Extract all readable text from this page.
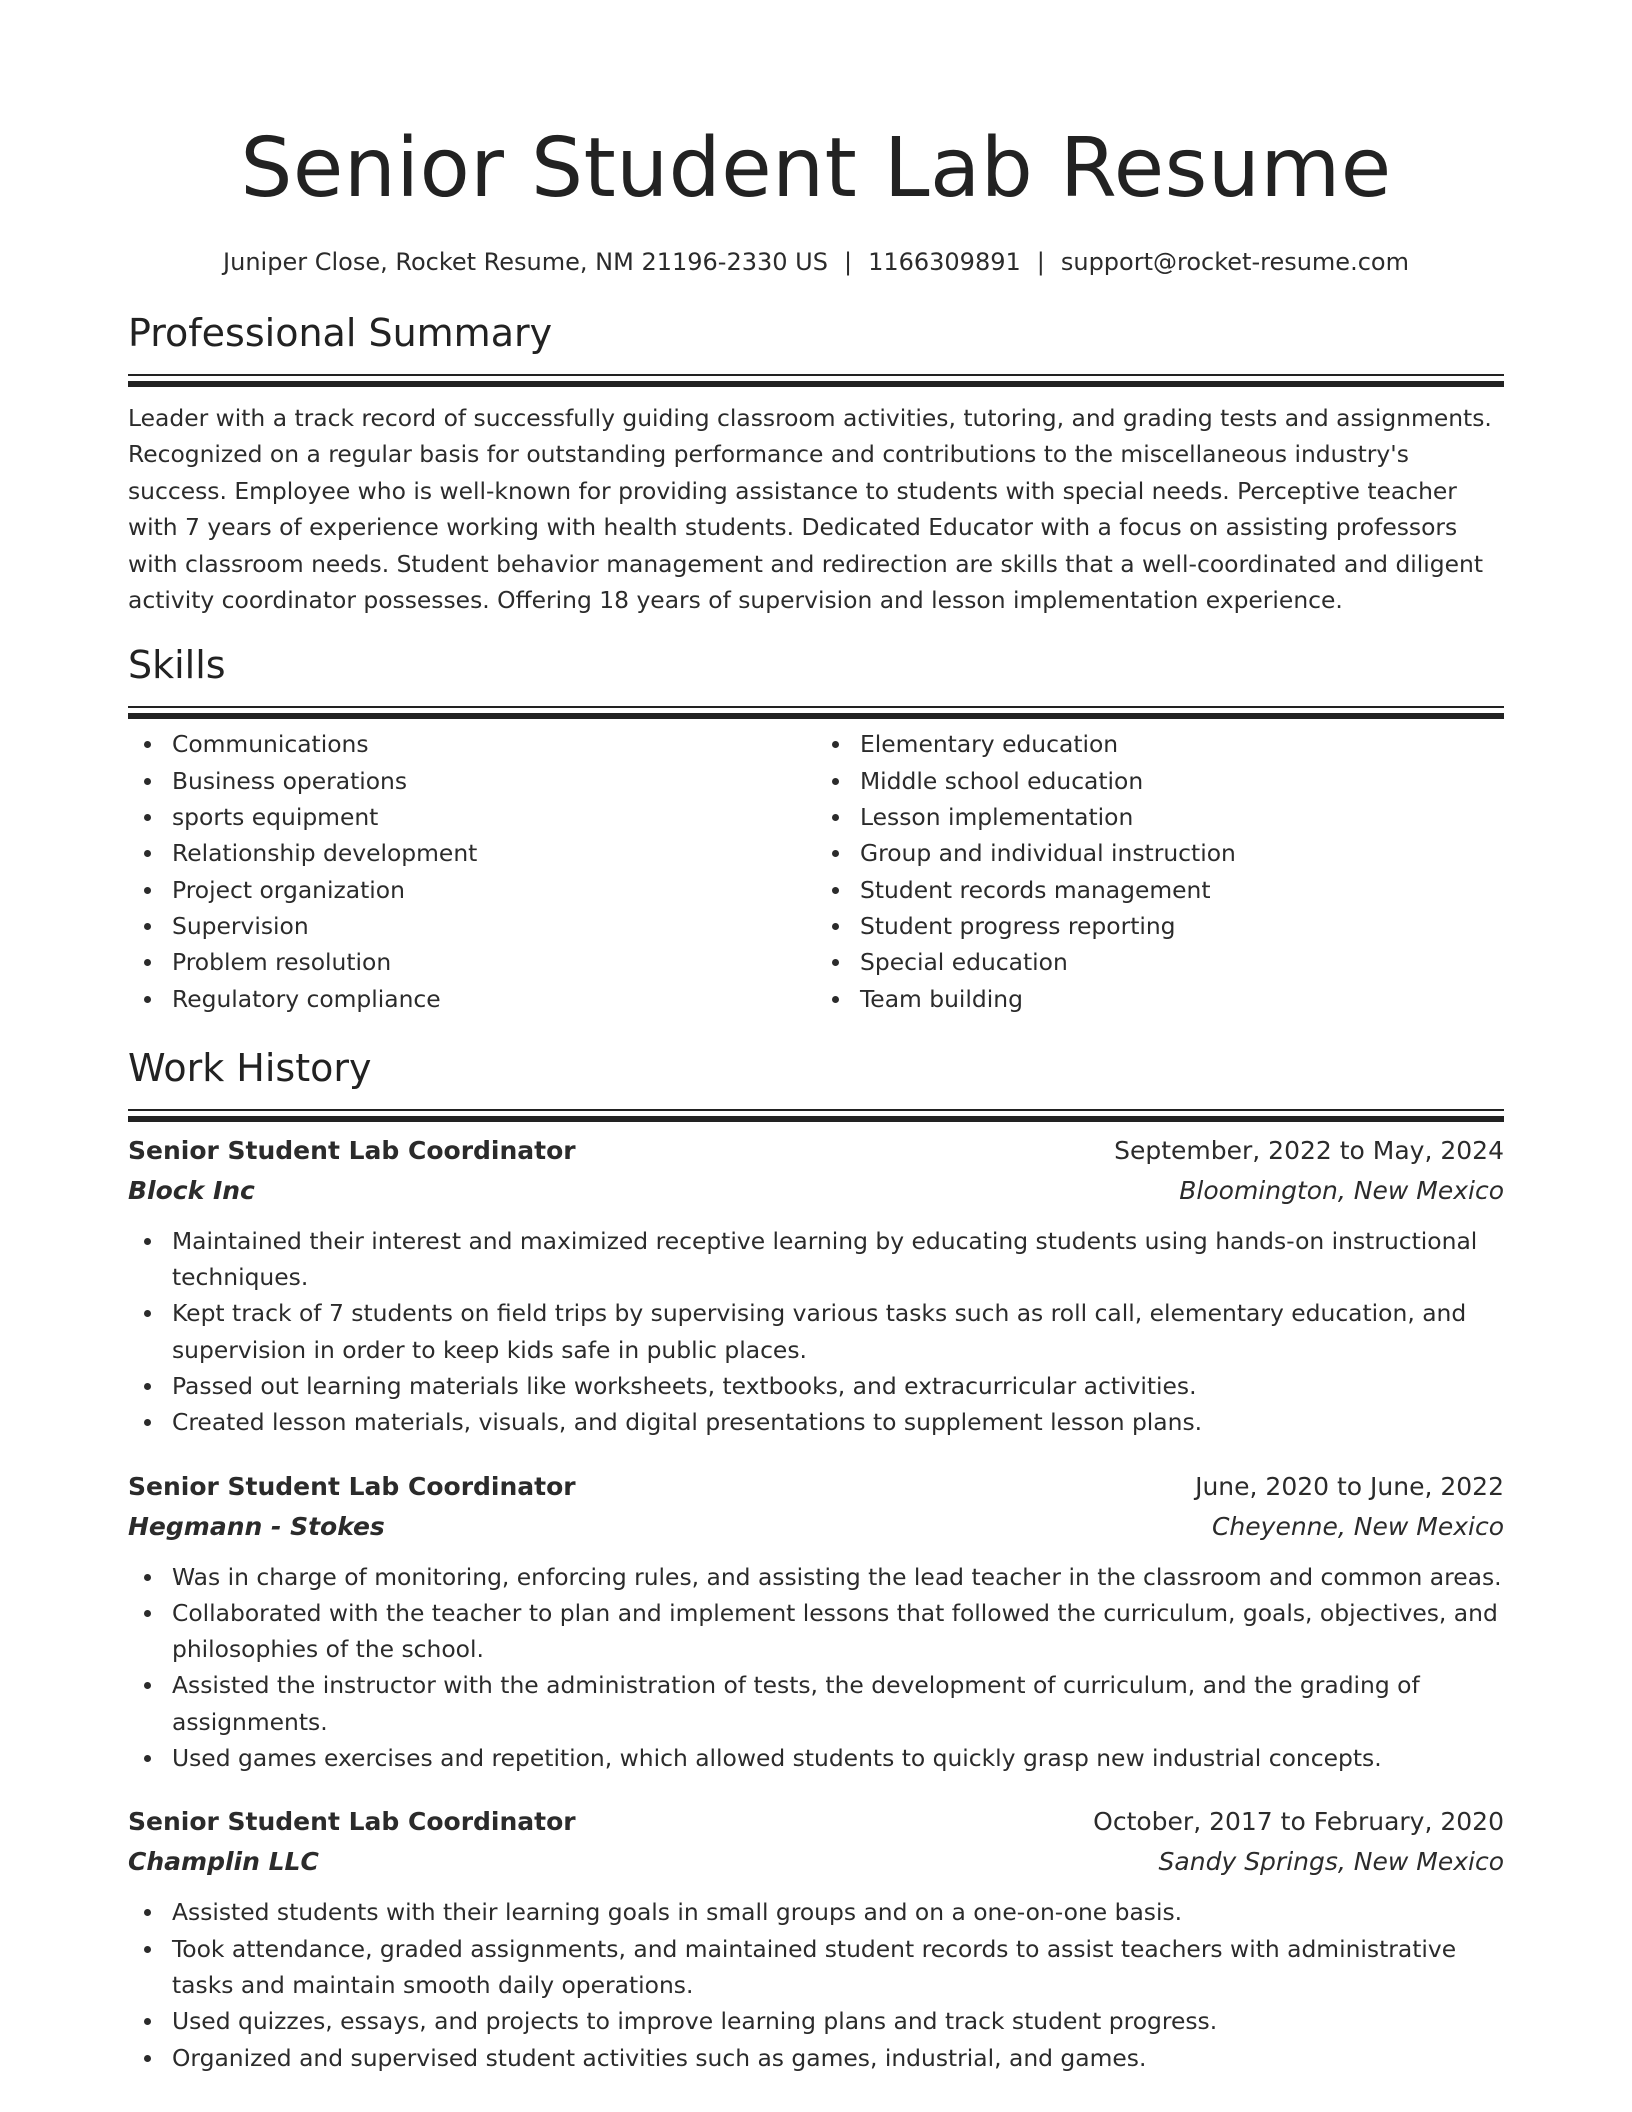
Senior Student Lab Resume
Juniper Close, Rocket Resume, NM 21196-2330 US | 1166309891 | support@rocket-resume.com
Professional Summary

Leader with a track record of successfully guiding classroom activities, tutoring, and grading tests and assignments. Recognized on a regular basis for outstanding performance and contributions to the miscellaneous industry's success. Employee who is well-known for providing assistance to students with special needs. Perceptive teacher with 7 years of experience working with health students. Dedicated Educator with a focus on assisting professors with classroom needs. Student behavior management and redirection are skills that a well-coordinated and diligent activity coordinator possesses. Offering 18 years of supervision and lesson implementation experience.

Skills
Communications
Business operations
sports equipment
Relationship development
Project organization
Supervision
Problem resolution
Regulatory compliance
Elementary education
Middle school education
Lesson implementation
Group and individual instruction
Student records management
Student progress reporting
Special education
Team building
Work History
Senior Student Lab Coordinator	September, 2022 to May, 2024
Block Inc	Bloomington, New Mexico
Maintained their interest and maximized receptive learning by educating students using hands-on instructional techniques.
Kept track of 7 students on field trips by supervising various tasks such as roll call, elementary education, and supervision in order to keep kids safe in public places.
Passed out learning materials like worksheets, textbooks, and extracurricular activities.
Created lesson materials, visuals, and digital presentations to supplement lesson plans.
Senior Student Lab Coordinator	June, 2020 to June, 2022
Hegmann - Stokes	Cheyenne, New Mexico
Was in charge of monitoring, enforcing rules, and assisting the lead teacher in the classroom and common areas.
Collaborated with the teacher to plan and implement lessons that followed the curriculum, goals, objectives, and philosophies of the school.
Assisted the instructor with the administration of tests, the development of curriculum, and the grading of assignments.
Used games exercises and repetition, which allowed students to quickly grasp new industrial concepts.
Senior Student Lab Coordinator	October, 2017 to February, 2020
Champlin LLC	Sandy Springs, New Mexico
Assisted students with their learning goals in small groups and on a one-on-one basis.
Took attendance, graded assignments, and maintained student records to assist teachers with administrative tasks and maintain smooth daily operations.
Used quizzes, essays, and projects to improve learning plans and track student progress.
Organized and supervised student activities such as games, industrial, and games.
